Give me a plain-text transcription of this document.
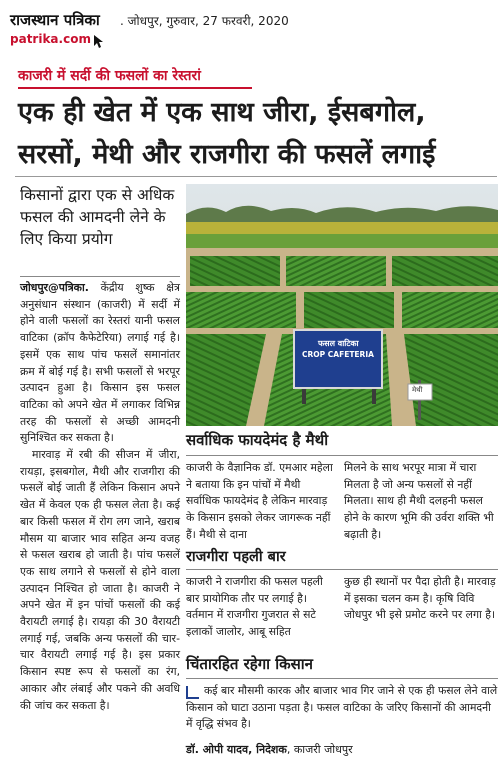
राजस्थान पत्रिका . जोधपुर, गुरुवार, 27 फरवरी, 2020
patrika.com
काजरी में सर्दी की फसलों का रेस्तरां
एक ही खेत में एक साथ जीरा, ईसबगोल,
सरसों, मेथी और राजगीरा की फसलें लगाई
किसानों द्वारा एक से अधिक फसल की आमदनी लेने के लिए किया प्रयोग

जोधपुर@पत्रिका. केंद्रीय शुष्क क्षेत्र अनुसंधान संस्थान (काजरी) में सर्दी में होने वाली फसलों का रेस्तरां यानी फसल वाटिका (क्रॉप कैफेटेरिया) लगाई गई है। इसमें एक साथ पांच फसलें समानांतर क्रम में बोई गई है। सभी फसलों से भरपूर उत्पादन हुआ है। किसान इस फसल वाटिका को अपने खेत में लगाकर विभिन्न तरह की फसलों से अच्छी आमदनी सुनिश्चित कर सकता है।

मारवाड़ में रबी की सीजन में जीरा, रायड़ा, इसबगोल, मैथी और राजगीरा की फसलें बोई जाती हैं लेकिन किसान अपने खेत में केवल एक ही फसल लेता है। कई बार किसी फसल में रोग लग जाने, खराब मौसम या बाजार भाव सहित अन्य वजह से फसल खराब हो जाती है। पांच फसलें एक साथ लगाने से फसलों से होने वाला उत्पादन निश्चित हो जाता है। काजरी ने अपने खेत में इन पांचों फसलों की कई वैरायटी लगाई है। रायड़ा की 30 वैरायटी लगाई गई, जबकि अन्य फसलों की चार-चार वैरायटी लगाई गई है। इस प्रकार किसान स्पष्ट रूप से फसलों का रंग, आकार और लंबाई और पकने की अवधि की जांच कर सकता है।

फसल वाटिका
CROP CAFETERIA
मेथी
सर्वाधिक फायदेमंद है मैथी
काजरी के वैज्ञानिक डॉ. एमआर महेला ने बताया कि इन पांचों में मैथी सर्वाधिक फायदेमंद है लेकिन मारवाड़ के किसान इसको लेकर जागरूक नहीं हैं। मैथी से दाना
मिलने के साथ भरपूर मात्रा में चारा मिलता है जो अन्य फसलों से नहीं मिलता। साथ ही मैथी दलहनी फसल होने के कारण भूमि की उर्वरा शक्ति भी बढ़ाती है।
राजगीरा पहली बार
काजरी ने राजगीरा की फसल पहली बार प्रायोगिक तौर पर लगाई है। वर्तमान में राजगीरा गुजरात से सटे इलाकों जालोर, आबू सहित
कुछ ही स्थानों पर पैदा होती है। मारवाड़ में इसका चलन कम है। कृषि विवि जोधपुर भी इसे प्रमोट करने पर लगा है।
चिंतारहित रहेगा किसान
कई बार मौसमी कारक और बाजार भाव गिर जाने से एक ही फसल लेने वाले किसान को घाटा उठाना पड़ता है। फसल वाटिका के जरिए किसानों की आमदनी में वृद्धि संभव है।
डॉ. ओपी यादव, निदेशक, काजरी जोधपुर
